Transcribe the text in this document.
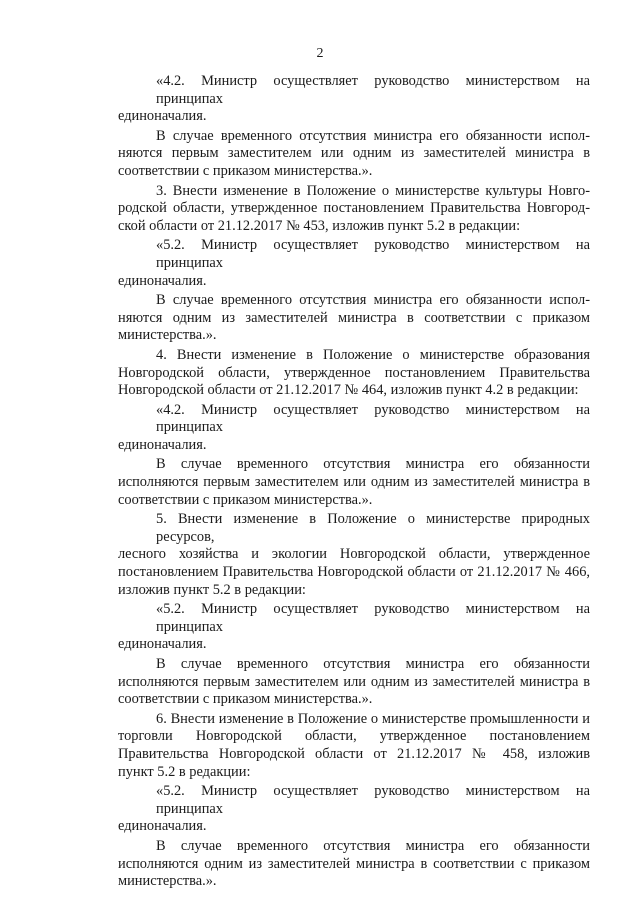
2
«4.2. Министр осуществляет руководство министерством на принципах
единоначалия.
В случае временного отсутствия министра его обязанности испол-
няются первым заместителем или одним из заместителей министра в
соответствии с приказом министерства.».
3. Внести изменение в Положение о министерстве культуры Новго-
родской области, утвержденное постановлением Правительства Новгород-
ской области от 21.12.2017 № 453, изложив пункт 5.2 в редакции:
«5.2. Министр осуществляет руководство министерством на принципах
единоначалия.
В случае временного отсутствия министра его обязанности испол-
няются одним из заместителей министра в соответствии с приказом
министерства.».
4. Внести изменение в Положение о министерстве образования
Новгородской области, утвержденное постановлением Правительства
Новгородской области от 21.12.2017 № 464, изложив пункт 4.2 в редакции:
«4.2. Министр осуществляет руководство министерством на принципах
единоначалия.
В случае временного отсутствия министра его обязанности
исполняются первым заместителем или одним из заместителей министра в
соответствии с приказом министерства.».
5. Внести изменение в Положение о министерстве природных ресурсов,
лесного хозяйства и экологии Новгородской области, утвержденное
постановлением Правительства Новгородской области от 21.12.2017 № 466,
изложив пункт 5.2 в редакции:
«5.2. Министр осуществляет руководство министерством на принципах
единоначалия.
В случае временного отсутствия министра его обязанности
исполняются первым заместителем или одним из заместителей министра в
соответствии с приказом министерства.».
6. Внести изменение в Положение о министерстве промышленности и
торговли Новгородской области, утвержденное постановлением
Правительства Новгородской области от 21.12.2017 № 458, изложив
пункт 5.2 в редакции:
«5.2. Министр осуществляет руководство министерством на принципах
единоначалия.
В случае временного отсутствия министра его обязанности
исполняются одним из заместителей министра в соответствии с приказом
министерства.».
